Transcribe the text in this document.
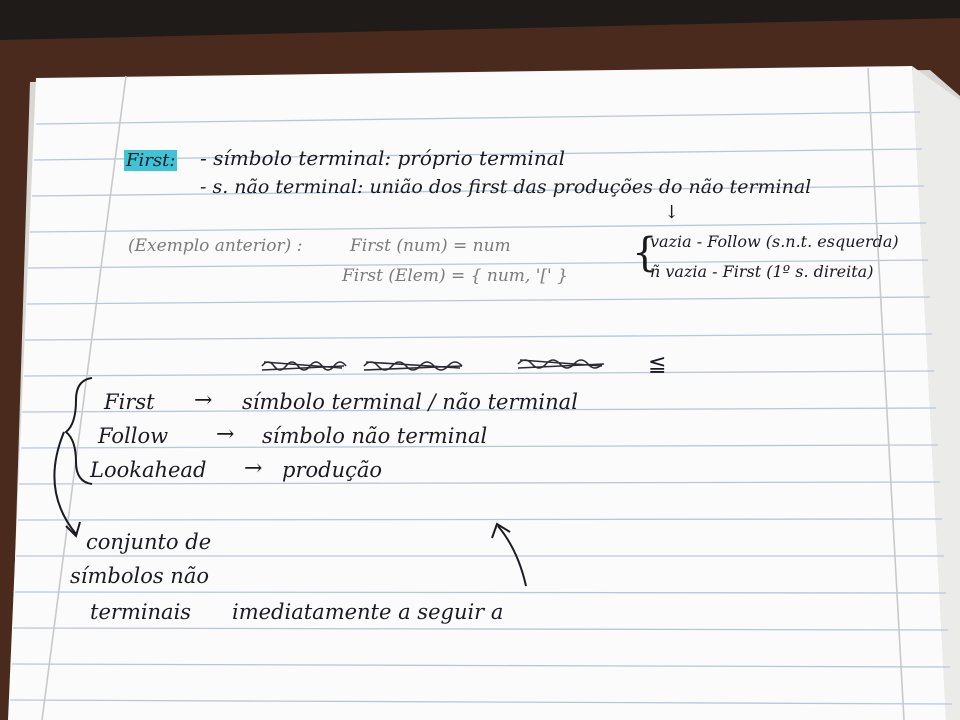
First: - símbolo terminal: próprio terminal
- s. não terminal: união dos first das produções do não terminal
↓
(Exemplo anterior) :	First (num) = num
First (Elem) = { num, '[' } {
vazia - Follow (s.n.t. esquerda)
ñ vazia - First (1º s. direita)
≦
First → símbolo terminal / não terminal
Follow → símbolo não terminal
Lookahead → produção
conjunto de
símbolos não
terminais imediatamente a seguir a
